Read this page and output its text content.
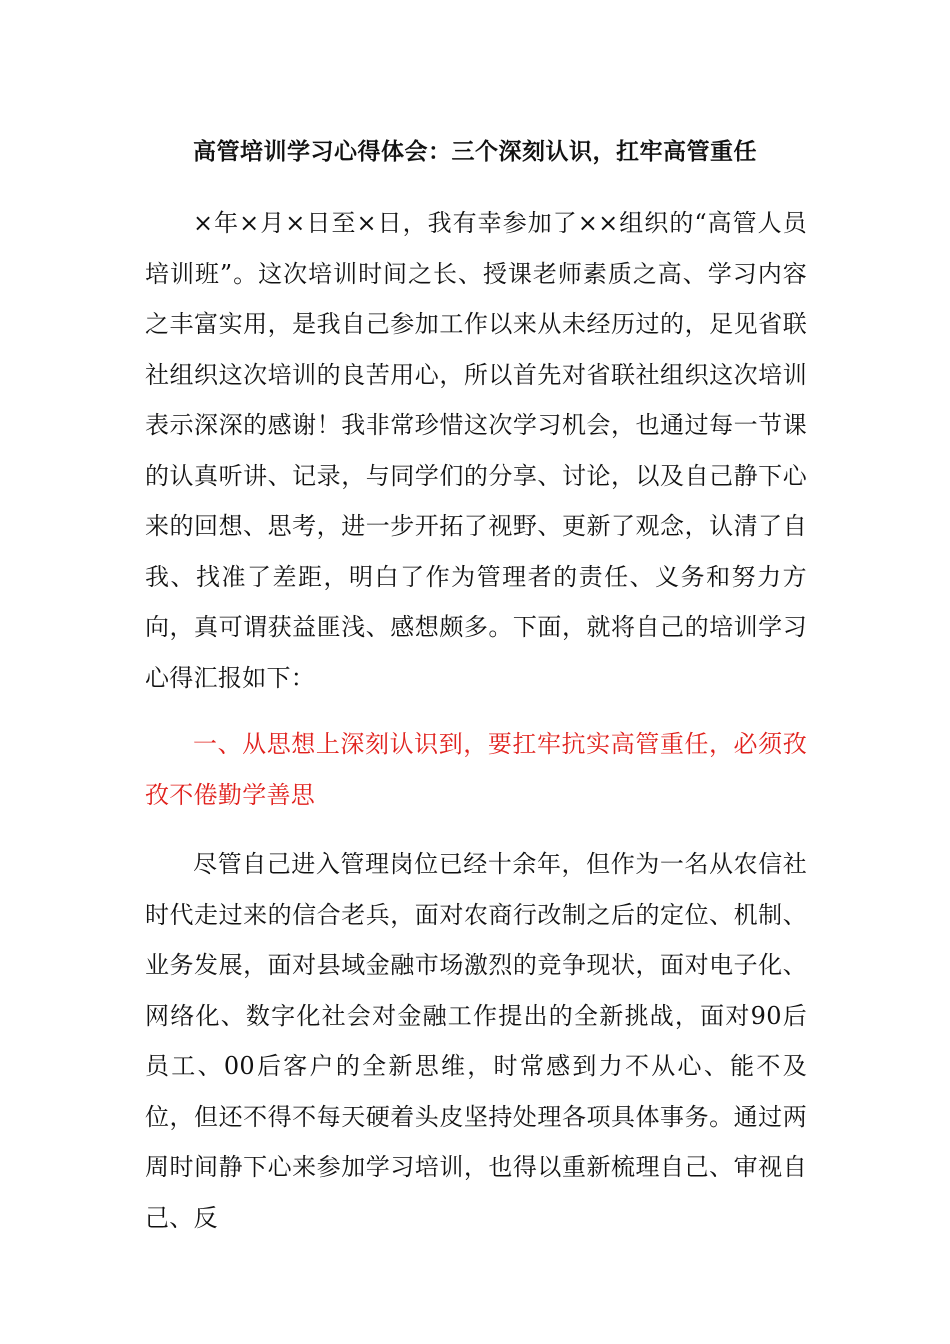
高管培训学习心得体会：三个深刻认识，扛牢高管重任

×年×月×日至×日，我有幸参加了××组织的“高管人员培训班”。这次培训时间之长、授课老师素质之高、学习内容之丰富实用，是我自己参加工作以来从未经历过的，足见省联社组织这次培训的良苦用心，所以首先对省联社组织这次培训表示深深的感谢！我非常珍惜这次学习机会，也通过每一节课的认真听讲、记录，与同学们的分享、讨论，以及自己静下心来的回想、思考，进一步开拓了视野、更新了观念，认清了自我、找准了差距，明白了作为管理者的责任、义务和努力方向，真可谓获益匪浅、感想颇多。下面，就将自己的培训学习心得汇报如下：

一、从思想上深刻认识到，要扛牢抗实高管重任，必须孜孜不倦勤学善思

尽管自己进入管理岗位已经十余年，但作为一名从农信社时代走过来的信合老兵，面对农商行改制之后的定位、机制、业务发展，面对县域金融市场激烈的竞争现状，面对电子化、网络化、数字化社会对金融工作提出的全新挑战，面对90后员工、00后客户的全新思维，时常感到力不从心、能不及位，但还不得不每天硬着头皮坚持处理各项具体事务。通过两周时间静下心来参加学习培训，也得以重新梳理自己、审视自己、反
